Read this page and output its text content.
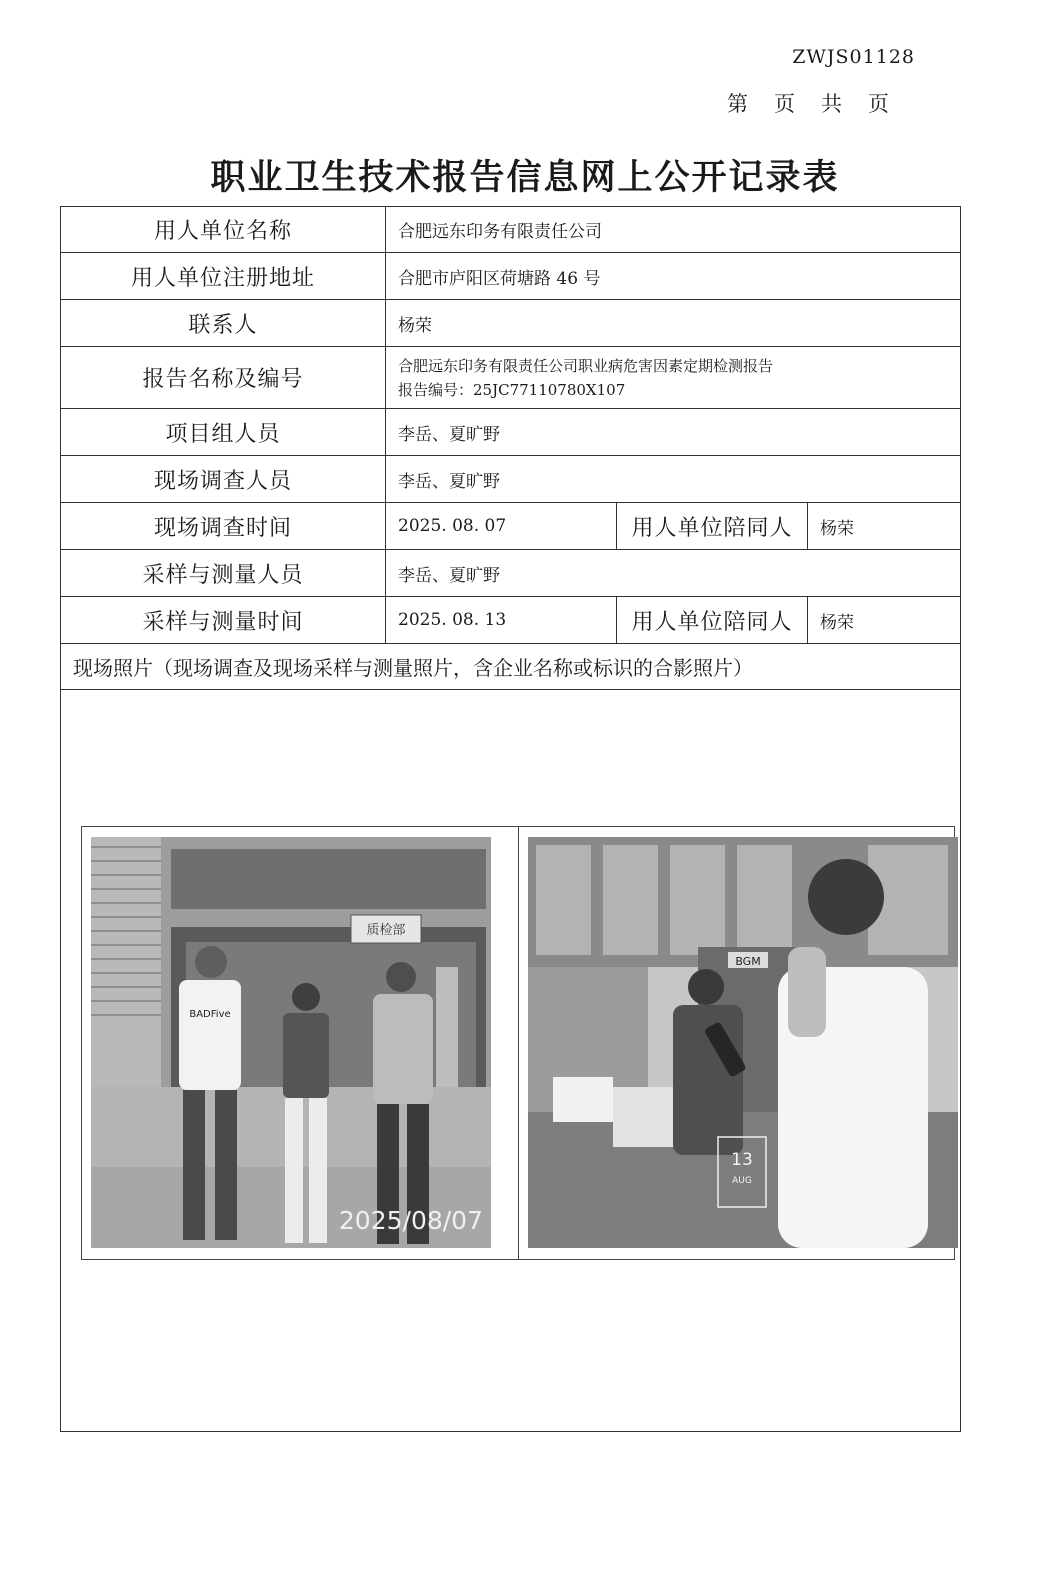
ZWJS01128
第页共页
职业卫生技术报告信息网上公开记录表
用人单位名称	合肥远东印务有限责任公司		
用人单位注册地址	合肥市庐阳区荷塘路 46 号		
联系人	杨荣		
报告名称及编号	合肥远东印务有限责任公司职业病危害因素定期检测报告
报告编号：25JC77110780X107		

项目组人员	李岳、夏旷野		
现场调查人员	李岳、夏旷野		
现场调查时间	2025. 08. 07	用人单位陪同人	杨荣
采样与测量人员	李岳、夏旷野		
采样与测量时间	2025. 08. 13	用人单位陪同人	杨荣
现场照片（现场调查及现场采样与测量照片，含企业名称或标识的合影照片）			

质检部
BADFive
2025/08/07
BGM
13
AUG
